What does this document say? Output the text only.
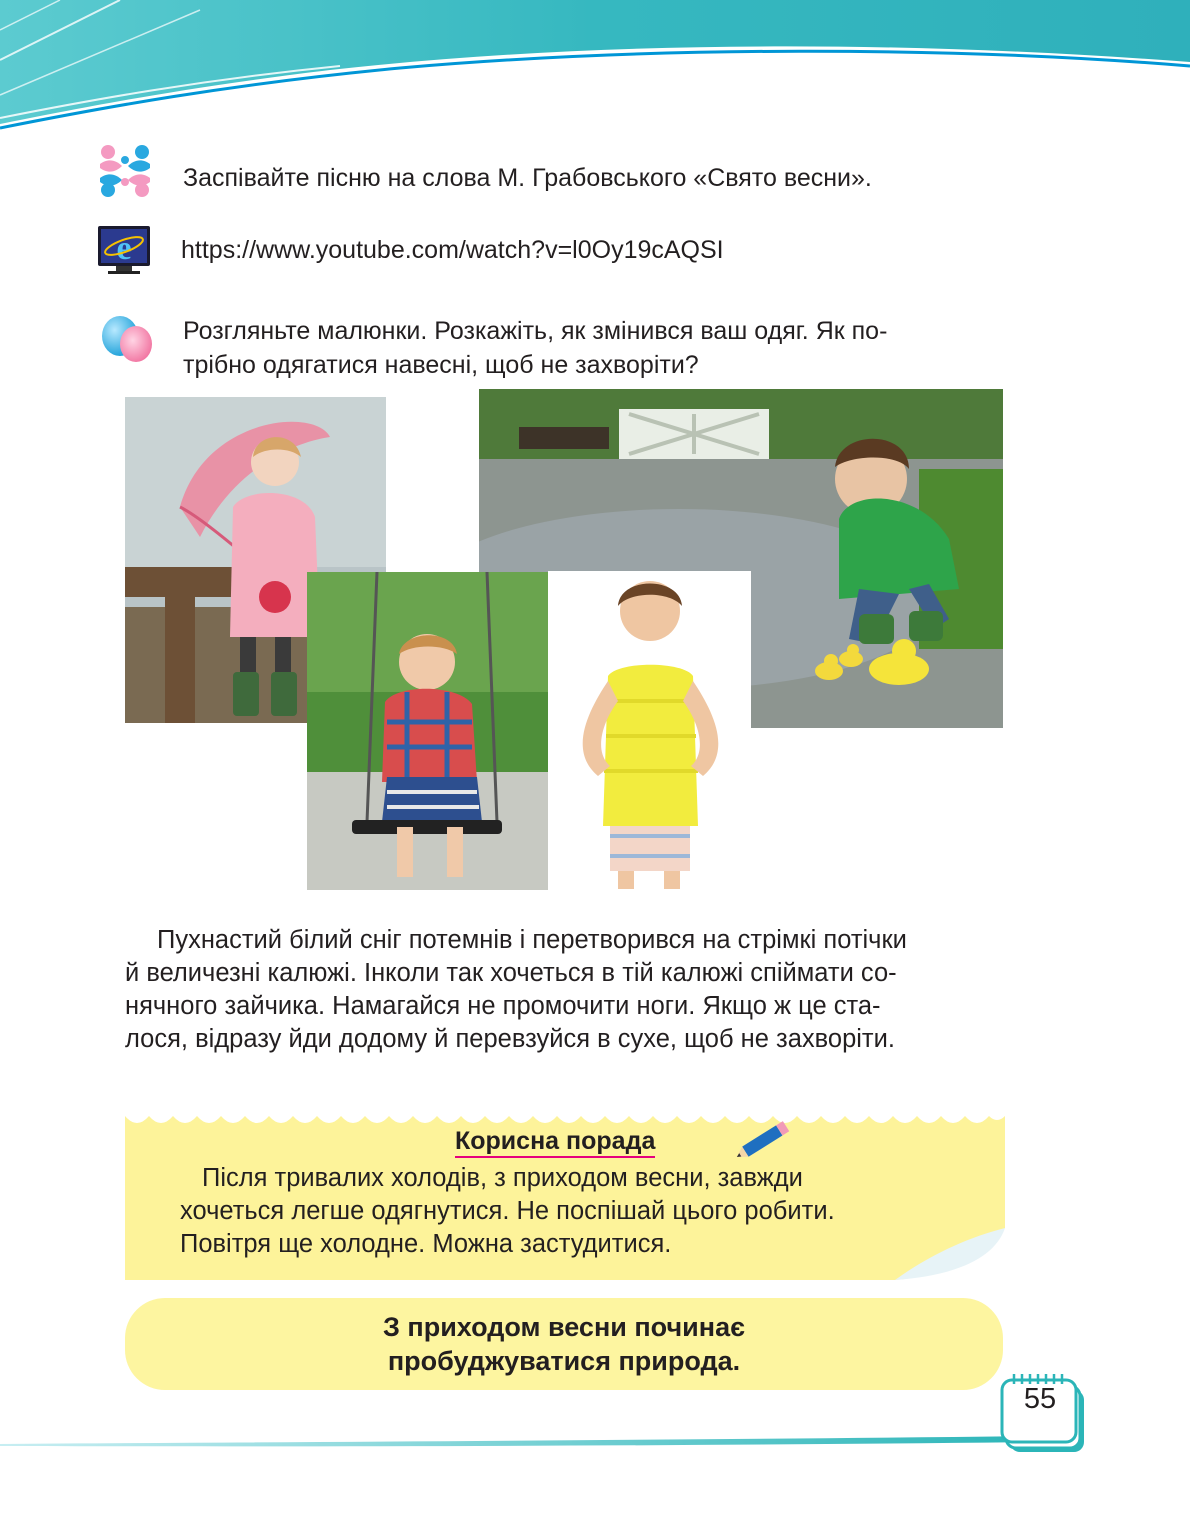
Заспівайте пісню на слова М. Грабовського «Свято весни».
e https://www.youtube.com/watch?v=l0Oy19cAQSI
Розгляньте малюнки. Розкажіть, як змінився ваш одяг. Як по-
трібно одягатися навесні, щоб не захворіти?
Пухнастий білий сніг потемнів і перетворився на стрімкі потічки
й величезні калюжі. Інколи так хочеться в тій калюжі спіймати со-
нячного зайчика. Намагайся не промочити ноги. Якщо ж це ста-
лося, відразу йди додому й перевзуйся в сухе, щоб не захворіти.
Корисна порада
Після тривалих холодів, з приходом весни, завжди
хочеться легше одягнутися. Не поспішай цього робити.
Повітря ще холодне. Можна застудитися.
З приходом весни починає
пробуджуватися природа.
55
